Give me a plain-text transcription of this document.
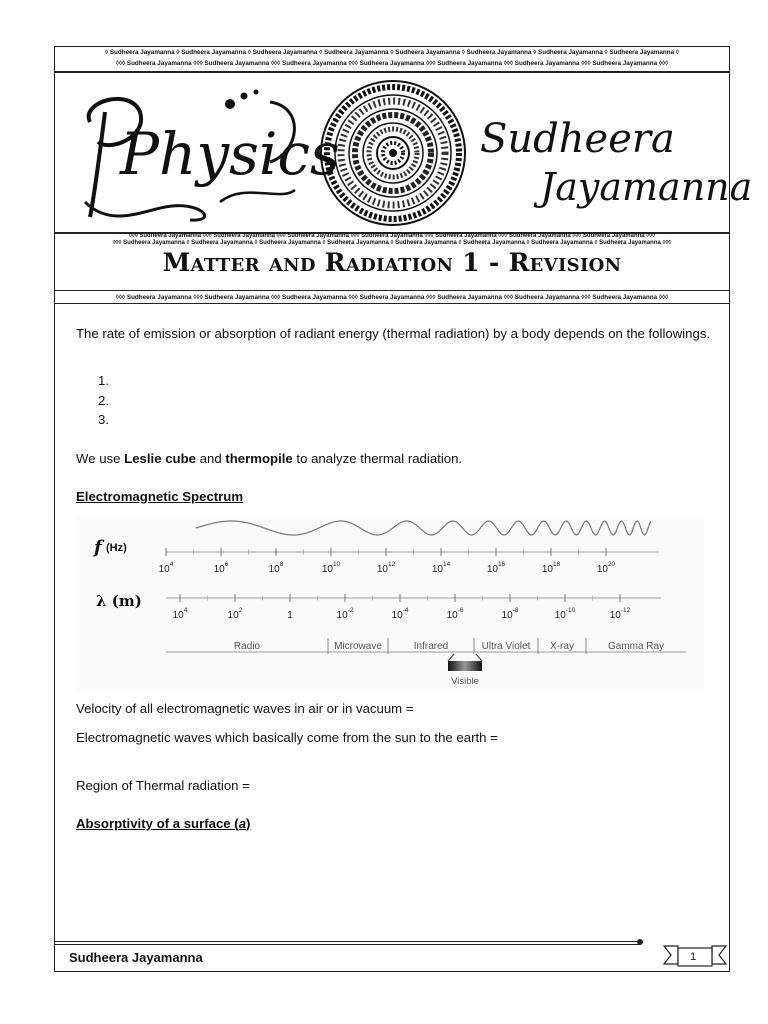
◊ Sudheera Jayamanna ◊ Sudheera Jayamanna ◊ Sudheera Jayamanna ◊ Sudheera Jayamanna ◊ Sudheera Jayamanna ◊ Sudheera Jayamanna ◊ Sudheera Jayamanna ◊ Sudheera Jayamanna ◊
◊◊◊ Sudheera Jayamanna ◊◊◊ Sudheera Jayamanna ◊◊◊ Sudheera Jayamanna ◊◊◊ Sudheera Jayamanna ◊◊◊ Sudheera Jayamanna ◊◊◊ Sudheera Jayamanna ◊◊◊ Sudheera Jayamanna ◊◊◊
Physics	Sudheera
Jayamanna
◊◊◊ Sudheera Jayamanna ◊◊◊ Sudheera Jayamanna ◊◊◊ Sudheera Jayamanna ◊◊◊ Sudheera Jayamanna ◊◊◊ Sudheera Jayamanna ◊◊◊ Sudheera Jayamanna ◊◊◊ Sudheera Jayamanna ◊◊◊
◊◊◊ Sudheera Jayamanna ◊ Sudheera Jayamanna ◊ Sudheera Jayamanna ◊ Sudheera Jayamanna ◊ Sudheera Jayamanna ◊ Sudheera Jayamanna ◊ Sudheera Jayamanna ◊ Sudheera Jayamanna ◊◊◊
Matter and Radiation 1 - Revision
◊◊◊ Sudheera Jayamanna ◊◊◊ Sudheera Jayamanna ◊◊◊ Sudheera Jayamanna ◊◊◊ Sudheera Jayamanna ◊◊◊ Sudheera Jayamanna ◊◊◊ Sudheera Jayamanna ◊◊◊ Sudheera Jayamanna ◊◊◊
The rate of emission or absorption of radiant energy (thermal radiation) by a body depends on the followings.
1.
2.
3.
We use Leslie cube and thermopile to analyze thermal radiation.
Electromagnetic Spectrum
f (Hz)
λ (m)
$10^4$	$10^6$	$10^8$	$10^{10}$	$10^{12}$	$10^{14}$	$10^{16}$	$10^{18}$	$10^{20}$
$10^4$	$10^2$	1	$10^{-2}$	$10^{-4}$	$10^{-6}$	$10^{-8}$	$10^{-10}$	$10^{-12}$
Radio	Microwave	Infrared	Ultra Violet X-ray	Gamma Ray
Visible
Velocity of all electromagnetic waves in air or in vacuum =
Electromagnetic waves which basically come from the sun to the earth =
Region of Thermal radiation =
Absorptivity of a surface (a)
Sudheera Jayamanna	1
